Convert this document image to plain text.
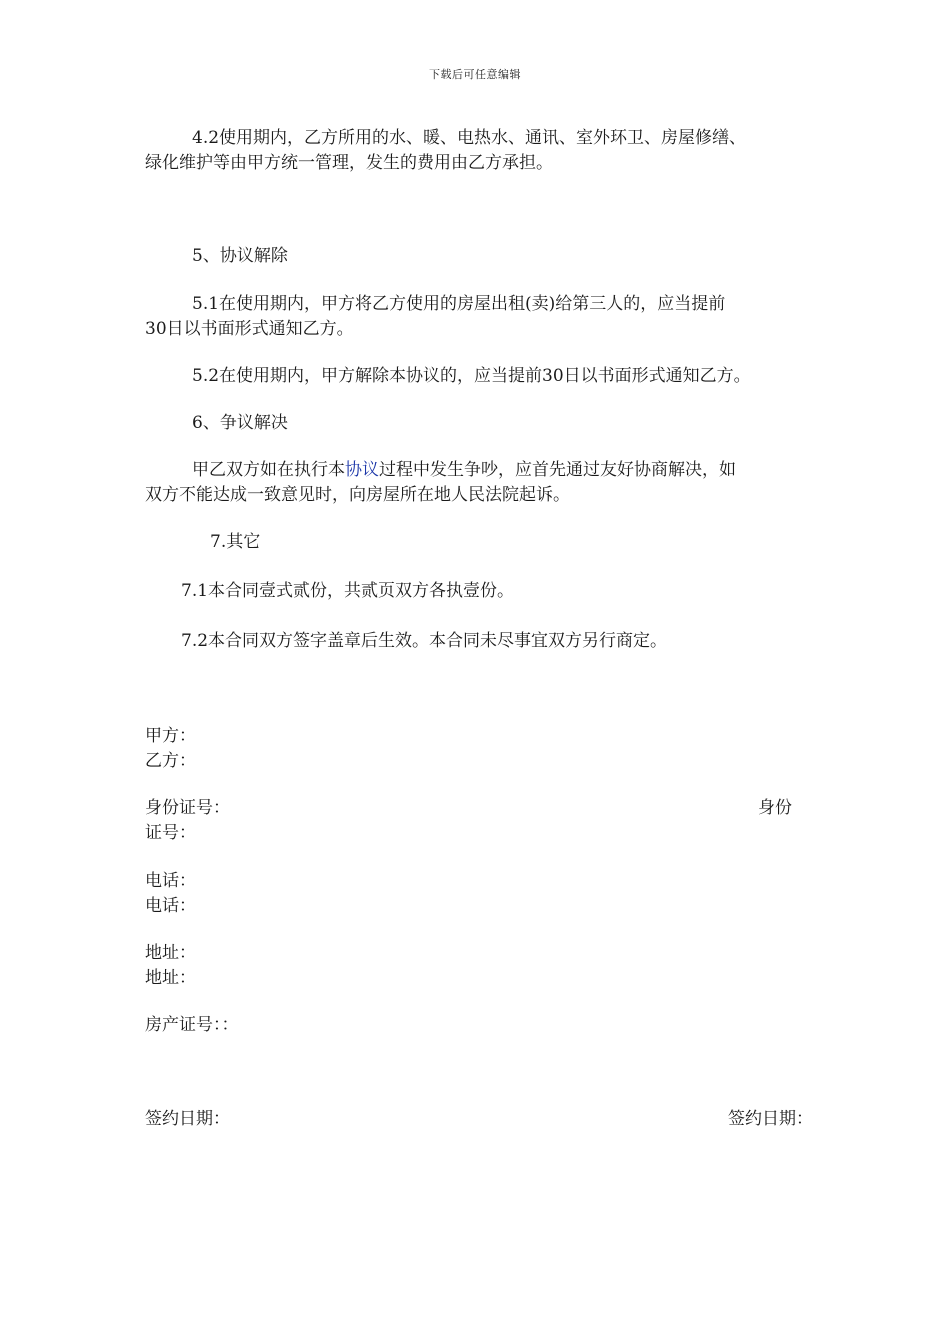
下载后可任意编辑
4.2使用期内，乙方所用的水、暖、电热水、通讯、室外环卫、房屋修缮、
绿化维护等由甲方统一管理，发生的费用由乙方承担。
5、协议解除
5.1在使用期内，甲方将乙方使用的房屋出租(卖)给第三人的，应当提前
30日以书面形式通知乙方。
5.2在使用期内，甲方解除本协议的，应当提前30日以书面形式通知乙方。
6、争议解决
甲乙双方如在执行本协议过程中发生争吵，应首先通过友好协商解决，如
双方不能达成一致意见时，向房屋所在地人民法院起诉。
7.其它
7.1本合同壹式贰份，共贰页双方各执壹份。
7.2本合同双方签字盖章后生效。本合同未尽事宜双方另行商定。
甲方：
乙方：
身份证号：	身份
证号：
电话：
电话：
地址：
地址：
房产证号：：
签约日期：	签约日期：
